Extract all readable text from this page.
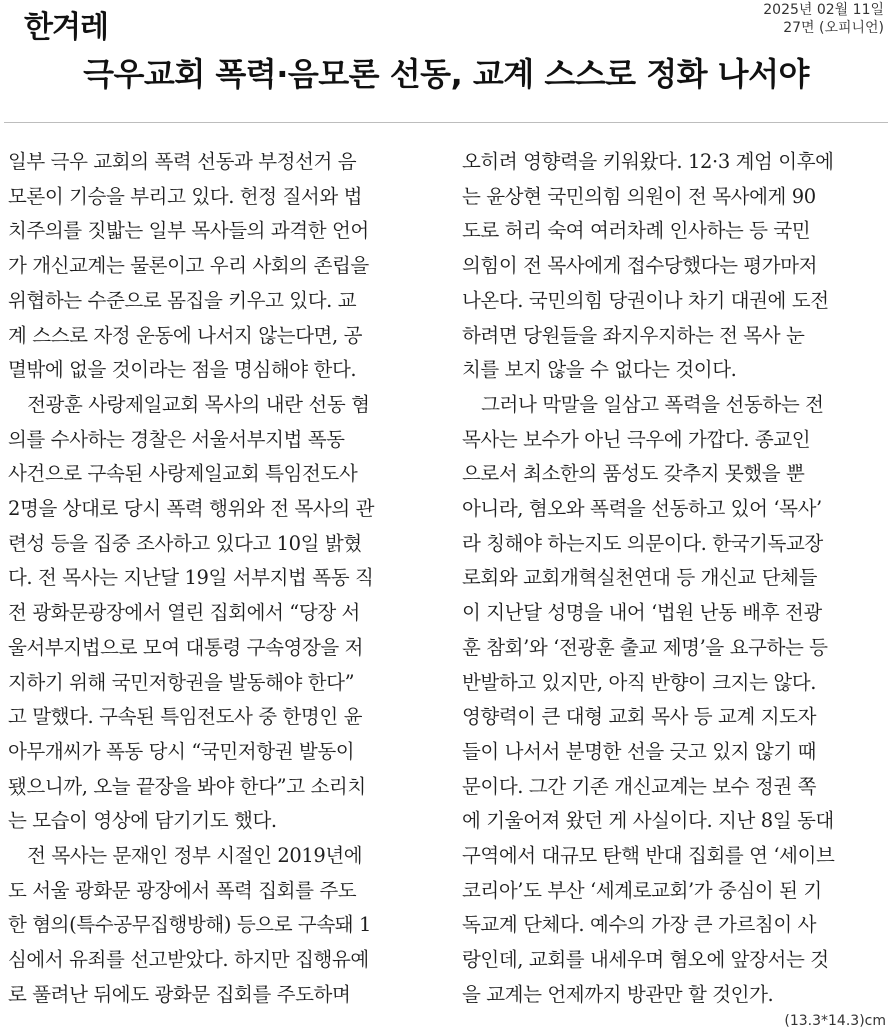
한겨레	2025년 02월 11일
27면 (오피니언)
극우교회 폭력·음모론 선동, 교계 스스로 정화 나서야

일부 극우 교회의 폭력 선동과 부정선거 음

모론이 기승을 부리고 있다. 헌정 질서와 법

치주의를 짓밟는 일부 목사들의 과격한 언어

가 개신교계는 물론이고 우리 사회의 존립을

위협하는 수준으로 몸집을 키우고 있다. 교

계 스스로 자정 운동에 나서지 않는다면, 공

멸밖에 없을 것이라는 점을 명심해야 한다.

　전광훈 사랑제일교회 목사의 내란 선동 혐

의를 수사하는 경찰은 서울서부지법 폭동

사건으로 구속된 사랑제일교회 특임전도사

2명을 상대로 당시 폭력 행위와 전 목사의 관

련성 등을 집중 조사하고 있다고 10일 밝혔

다. 전 목사는 지난달 19일 서부지법 폭동 직

전 광화문광장에서 열린 집회에서 “당장 서

울서부지법으로 모여 대통령 구속영장을 저

지하기 위해 국민저항권을 발동해야 한다”

고 말했다. 구속된 특임전도사 중 한명인 윤

아무개씨가 폭동 당시 “국민저항권 발동이

됐으니까, 오늘 끝장을 봐야 한다”고 소리치

는 모습이 영상에 담기기도 했다.

　전 목사는 문재인 정부 시절인 2019년에

도 서울 광화문 광장에서 폭력 집회를 주도

한 혐의(특수공무집행방해) 등으로 구속돼 1

심에서 유죄를 선고받았다. 하지만 집행유예

로 풀려난 뒤에도 광화문 집회를 주도하며

오히려 영향력을 키워왔다. 12·3 계엄 이후에

는 윤상현 국민의힘 의원이 전 목사에게 90

도로 허리 숙여 여러차례 인사하는 등 국민

의힘이 전 목사에게 접수당했다는 평가마저

나온다. 국민의힘 당권이나 차기 대권에 도전

하려면 당원들을 좌지우지하는 전 목사 눈

치를 보지 않을 수 없다는 것이다.

　그러나 막말을 일삼고 폭력을 선동하는 전

목사는 보수가 아닌 극우에 가깝다. 종교인

으로서 최소한의 품성도 갖추지 못했을 뿐

아니라, 혐오와 폭력을 선동하고 있어 ‘목사’

라 칭해야 하는지도 의문이다. 한국기독교장

로회와 교회개혁실천연대 등 개신교 단체들

이 지난달 성명을 내어 ‘법원 난동 배후 전광

훈 참회’와 ‘전광훈 출교 제명’을 요구하는 등

반발하고 있지만, 아직 반향이 크지는 않다.

영향력이 큰 대형 교회 목사 등 교계 지도자

들이 나서서 분명한 선을 긋고 있지 않기 때

문이다. 그간 기존 개신교계는 보수 정권 쪽

에 기울어져 왔던 게 사실이다. 지난 8일 동대

구역에서 대규모 탄핵 반대 집회를 연 ‘세이브

코리아’도 부산 ‘세계로교회’가 중심이 된 기

독교계 단체다. 예수의 가장 큰 가르침이 사

랑인데, 교회를 내세우며 혐오에 앞장서는 것

을 교계는 언제까지 방관만 할 것인가.

(13.3*14.3)cm
